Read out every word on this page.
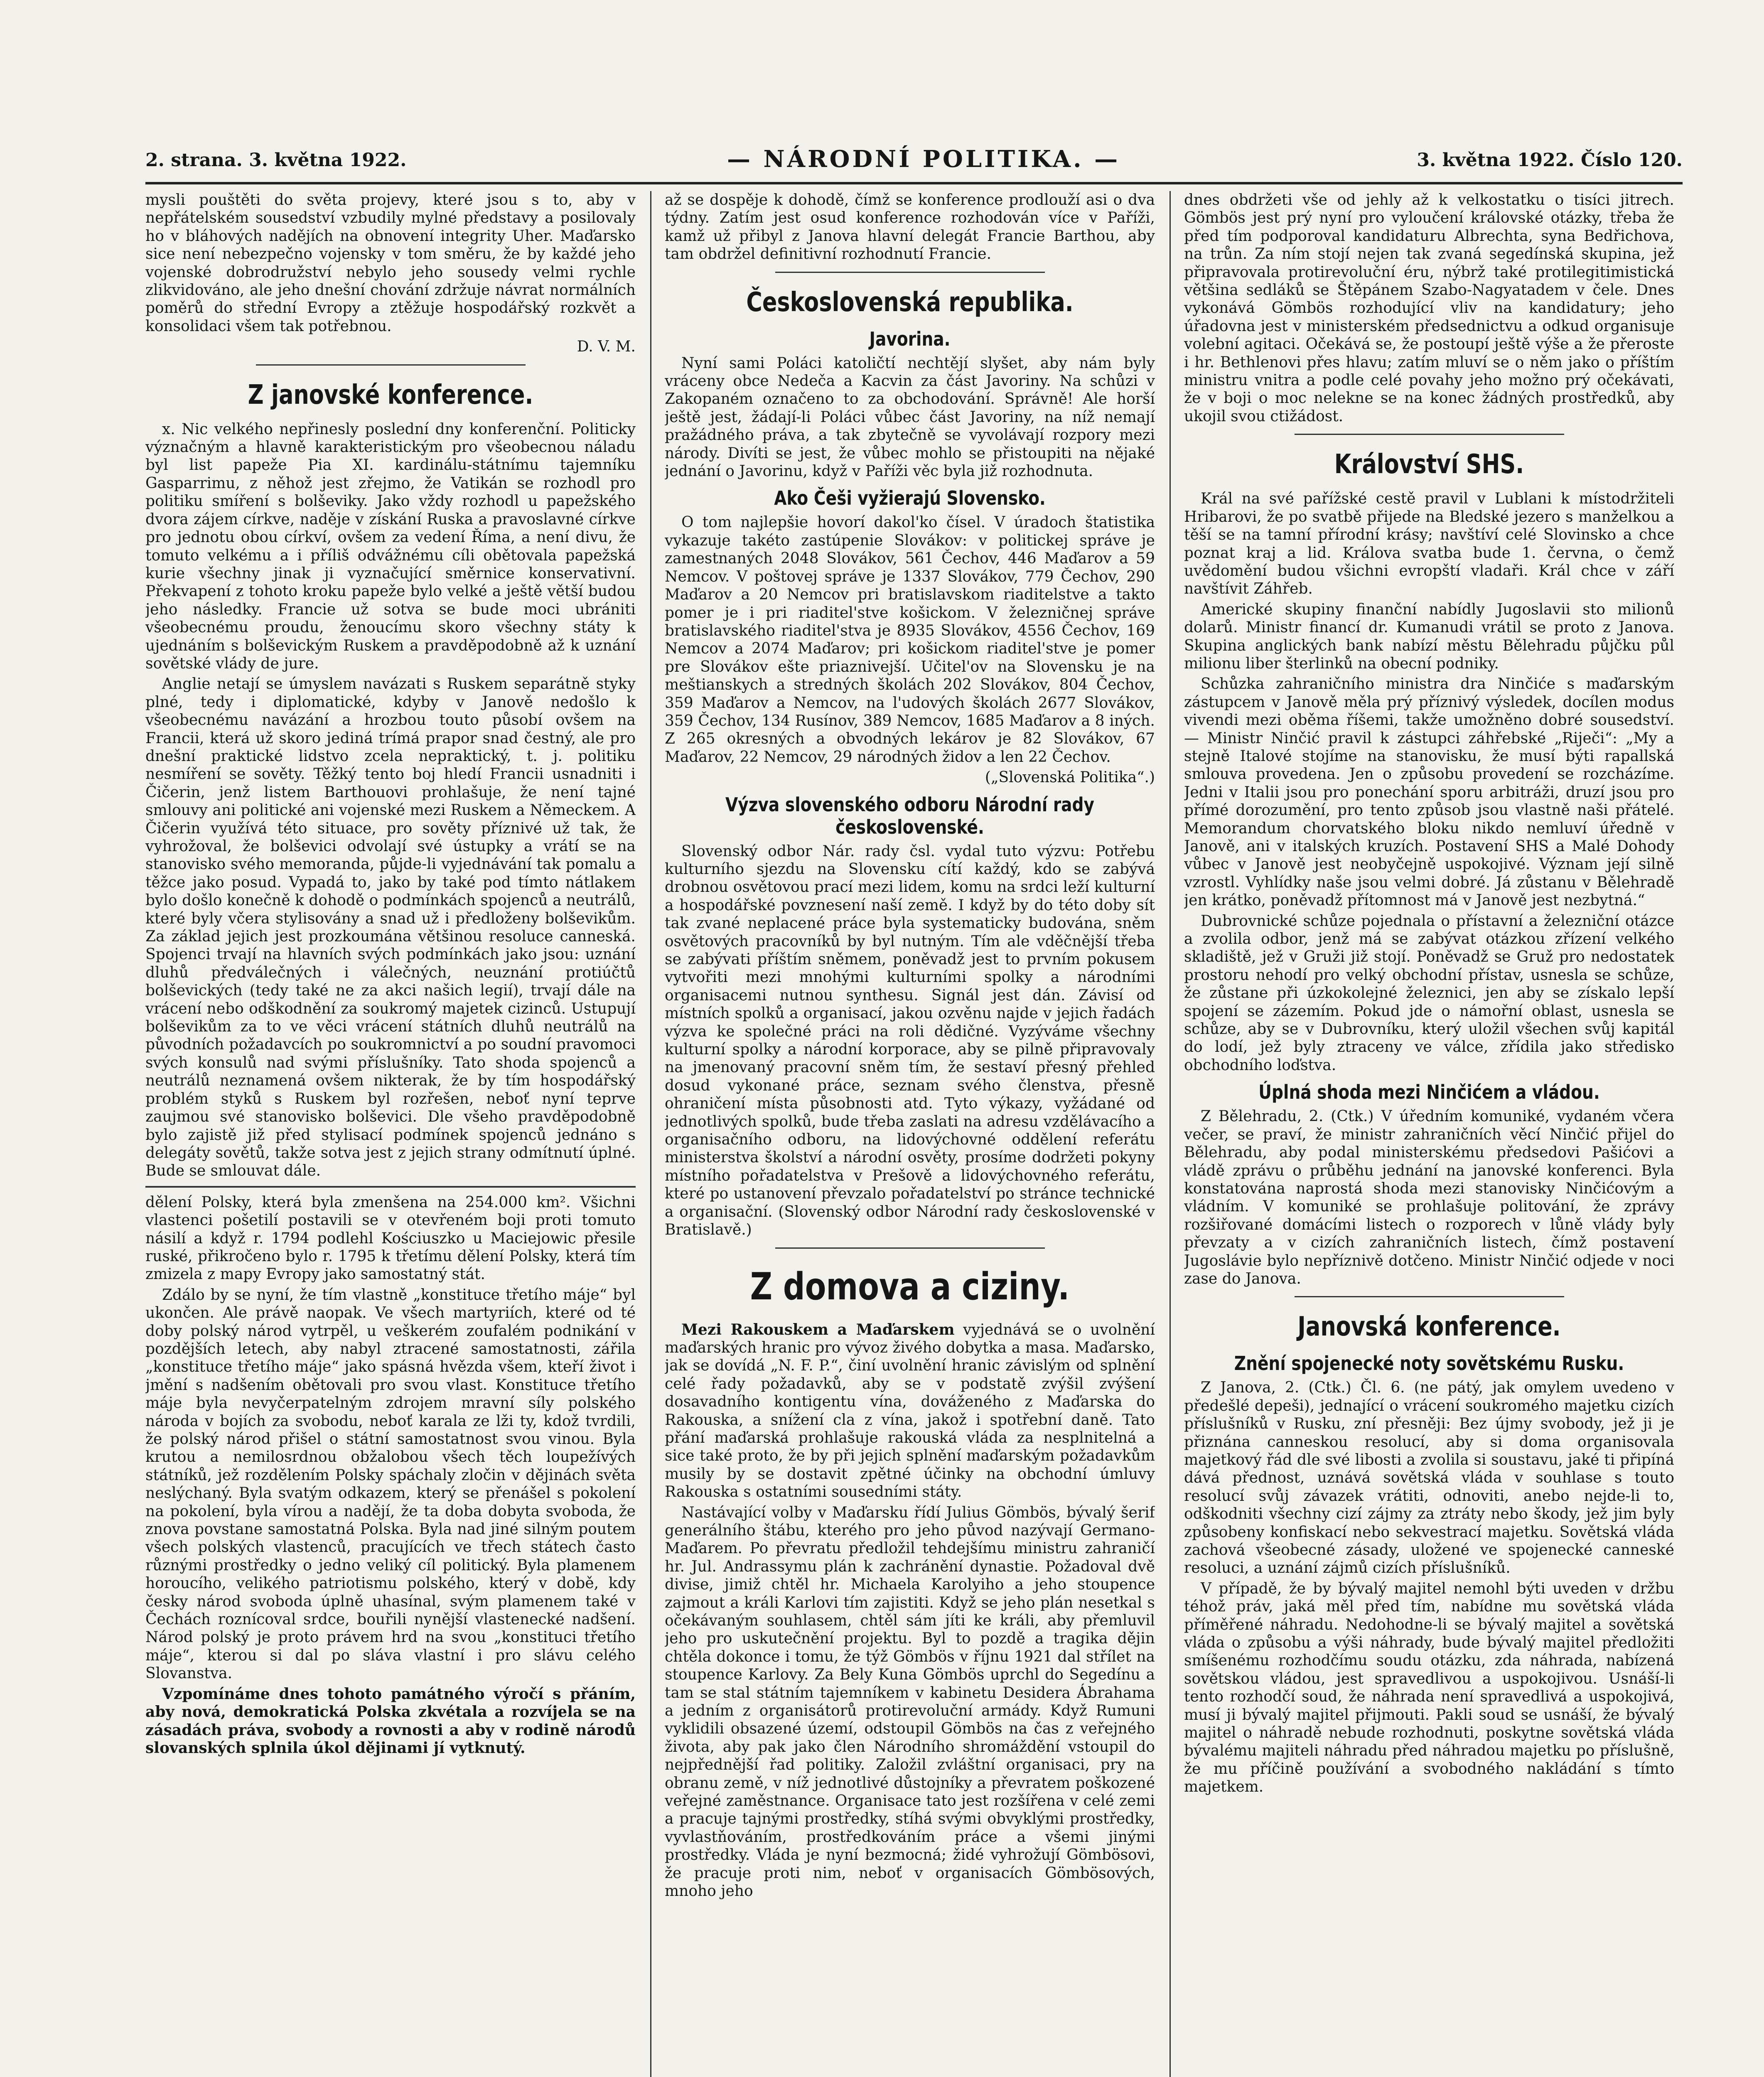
2. strana. 3. května 1922.	— NÁRODNÍ POLITIKA. —	3. května 1922. Číslo 120.

mysli pouštěti do světa projevy, které jsou s to, aby v nepřátelském sousedství vzbudily mylné představy a posilovaly ho v bláhových nadějích na obnovení integrity Uher. Maďarsko sice není nebezpečno vojensky v tom směru, že by každé jeho vojenské dobrodružství nebylo jeho sousedy velmi rychle zlikvidováno, ale jeho dnešní chování zdržuje návrat normálních poměrů do střední Evropy a ztěžuje hospodářský rozkvět a konsolidaci všem tak potřebnou.

D. V. M.
Z janovské konference.

x. Nic velkého nepřinesly poslední dny konferenční. Politicky význačným a hlavně karakteristickým pro všeobecnou náladu byl list papeže Pia XI. kardinálu-státnímu tajemníku Gasparrimu, z něhož jest zřejmo, že Vatikán se rozhodl pro politiku smíření s bolševiky. Jako vždy rozhodl u papežského dvora zájem církve, naděje v získání Ruska a pravoslavné církve pro jednotu obou církví, ovšem za vedení Říma, a není divu, že tomuto velkému a i příliš odvážnému cíli obětovala papežská kurie všechny jinak ji vyznačující směrnice konservativní. Překvapení z tohoto kroku papeže bylo velké a ještě větší budou jeho následky. Francie už sotva se bude moci ubrániti všeobecnému proudu, ženoucímu skoro všechny státy k ujednáním s bolševickým Ruskem a pravděpodobně až k uznání sovětské vlády de jure.

Anglie netají se úmyslem navázati s Ruskem separátně styky plné, tedy i diplomatické, kdyby v Janově nedošlo k všeobecnému navázání a hrozbou touto působí ovšem na Francii, která už skoro jediná trímá prapor snad čestný, ale pro dnešní praktické lidstvo zcela nepraktický, t. j. politiku nesmíření se sověty. Těžký tento boj hledí Francii usnadniti i Čičerin, jenž listem Barthouovi prohlašuje, že není tajné smlouvy ani politické ani vojenské mezi Ruskem a Německem. A Čičerin využívá této situace, pro sověty příznivé už tak, že vyhrožoval, že bolševici odvolají své ústupky a vrátí se na stanovisko svého memoranda, půjde-li vyjednávání tak pomalu a těžce jako posud. Vypadá to, jako by také pod tímto nátlakem bylo došlo konečně k dohodě o podmínkách spojenců a neutrálů, které byly včera stylisovány a snad už i předloženy bolševikům. Za základ jejich jest prozkoumána většinou resoluce canneská. Spojenci trvají na hlavních svých podmínkách jako jsou: uznání dluhů předválečných i válečných, neuznání protiúčtů bolševických (tedy také ne za akci našich legií), trvají dále na vrácení nebo odškodnění za soukromý majetek cizinců. Ustupují bolševikům za to ve věci vrácení státních dluhů neutrálů na původních požadavcích po soukromnictví a po soudní pravomoci svých konsulů nad svými příslušníky. Tato shoda spojenců a neutrálů neznamená ovšem nikterak, že by tím hospodářský problém styků s Ruskem byl rozřešen, neboť nyní teprve zaujmou své stanovisko bolševici. Dle všeho pravděpodobně bylo zajistě již před stylisací podmínek spojenců jednáno s delegáty sovětů, takže sotva jest z jejich strany odmítnutí úplné. Bude se smlouvat dále.

dělení Polsky, která byla zmenšena na 254.000 km². Všichni vlastenci pošetilí postavili se v otevřeném boji proti tomuto násilí a když r. 1794 podlehl Kościuszko u Maciejowic přesile ruské, přikročeno bylo r. 1795 k třetímu dělení Polsky, která tím zmizela z mapy Evropy jako samostatný stát.

Zdálo by se nyní, že tím vlastně „konstituce třetího máje“ byl ukončen. Ale právě naopak. Ve všech martyriích, které od té doby polský národ vytrpěl, u veškerém zoufalém podnikání v pozdějších letech, aby nabyl ztracené samostatnosti, zářila „konstituce třetího máje“ jako spásná hvězda všem, kteří život i jmění s nadšením obětovali pro svou vlast. Konstituce třetího máje byla nevyčerpatelným zdrojem mravní síly polského národa v bojích za svobodu, neboť karala ze lži ty, kdož tvrdili, že polský národ přišel o státní samostatnost svou vinou. Byla krutou a nemilosrdnou obžalobou všech těch loupežívých státníků, jež rozdělením Polsky spáchaly zločin v dějinách světa neslýchaný. Byla svatým odkazem, který se přenášel s pokolení na pokolení, byla vírou a nadějí, že ta doba dobyta svoboda, že znova povstane samostatná Polska. Byla nad jiné silným poutem všech polských vlastenců, pracujících ve třech státech často různými prostředky o jedno veliký cíl politický. Byla plamenem horoucího, velikého patriotismu polského, který v době, kdy česky národ svoboda úplně uhasínal, svým plamenem také v Čechách roznícoval srdce, bouřili nynější vlastenecké nadšení. Národ polský je proto právem hrd na svou „konstituci třetího máje“, kterou si dal po sláva vlastní i pro slávu celého Slovanstva.

Vzpomínáme dnes tohoto památného výročí s přáním, aby nová, demokratická Polska zkvétala a rozvíjela se na zásadách práva, svobody a rovnosti a aby v rodině národů slovanských splnila úkol dějinami jí vytknutý.

až se dospěje k dohodě, čímž se konference prodlouží asi o dva týdny. Zatím jest osud konference rozhodován více v Paříži, kamž už přibyl z Janova hlavní delegát Francie Barthou, aby tam obdržel definitivní rozhodnutí Francie.

Československá republika.
Javorina.

Nyní sami Poláci katoličtí nechtějí slyšet, aby nám byly vráceny obce Nedeča a Kacvin za část Javoriny. Na schůzi v Zakopaném označeno to za obchodování. Správně! Ale horší ještě jest, žádají-li Poláci vůbec část Javoriny, na níž nemají pražádného práva, a tak zbytečně se vyvolávají rozpory mezi národy. Divíti se jest, že vůbec mohlo se přistoupiti na nějaké jednání o Javorinu, když v Paříži věc byla již rozhodnuta.

Ako Češi vyžierajú Slovensko.

O tom najlepšie hovorí dakol'ko čísel. V úradoch štatistika vykazuje takéto zastúpenie Slovákov: v politickej správe je zamestnaných 2048 Slovákov, 561 Čechov, 446 Maďarov a 59 Nemcov. V poštovej správe je 1337 Slovákov, 779 Čechov, 290 Maďarov a 20 Nemcov pri bratislavskom riaditelstve a takto pomer je i pri riaditel'stve košickom. V železničnej správe bratislavského riaditel'stva je 8935 Slovákov, 4556 Čechov, 169 Nemcov a 2074 Maďarov; pri košickom riaditel'stve je pomer pre Slovákov ešte priaznivejší. Učitel'ov na Slovensku je na meštianskych a stredných školách 202 Slovákov, 804 Čechov, 359 Maďarov a Nemcov, na l'udových školách 2677 Slovákov, 359 Čechov, 134 Rusínov, 389 Nemcov, 1685 Maďarov a 8 iných. Z 265 okresných a obvodných lekárov je 82 Slovákov, 67 Maďarov, 22 Nemcov, 29 národných židov a len 22 Čechov.

(„Slovenská Politika“.)
Výzva slovenského odboru Národní rady československé.

Slovenský odbor Nár. rady čsl. vydal tuto výzvu: Potřebu kulturního sjezdu na Slovensku cítí každý, kdo se zabývá drobnou osvětovou prací mezi lidem, komu na srdci leží kulturní a hospodářské povznesení naší země. I když by do této doby sít tak zvané neplacené práce byla systematicky budována, sněm osvětových pracovníků by byl nutným. Tím ale vděčnější třeba se zabývati příštím sněmem, poněvadž jest to prvním pokusem vytvořiti mezi mnohými kulturními spolky a národními organisacemi nutnou synthesu. Signál jest dán. Závisí od místních spolků a organisací, jakou ozvěnu najde v jejich řadách výzva ke společné práci na roli dědičné. Vyzýváme všechny kulturní spolky a národní korporace, aby se pilně připravovaly na jmenovaný pracovní sněm tím, že sestaví přesný přehled dosud vykonané práce, seznam svého členstva, přesně ohraničení místa působnosti atd. Tyto výkazy, vyžádané od jednotlivých spolků, bude třeba zaslati na adresu vzdělávacího a organisačního odboru, na lidovýchovné oddělení referátu ministerstva školství a národní osvěty, prosíme dodržeti pokyny místního pořadatelstva v Prešově a lidovýchovného referátu, které po ustanovení převzalo pořadatelství po stránce technické a organisační. (Slovenský odbor Národní rady československé v Bratislavě.)

Z domova a ciziny.

Mezi Rakouskem a Maďarskem vyjednává se o uvolnění maďarských hranic pro vývoz živého dobytka a masa. Maďarsko, jak se dovídá „N. F. P.“, činí uvolnění hranic závislým od splnění celé řady požadavků, aby se v podstatě zvýšil zvýšení dosavadního kontigentu vína, dováženého z Maďarska do Rakouska, a snížení cla z vína, jakož i spotřební daně. Tato přání maďarská prohlašuje rakouská vláda za nesplnitelná a sice také proto, že by při jejich splnění maďarským požadavkům musily by se dostavit zpětné účinky na obchodní úmluvy Rakouska s ostatními sousedními státy.

Nastávající volby v Maďarsku řídí Julius Gömbös, bývalý šerif generálního štábu, kterého pro jeho původ nazývají Germano-Maďarem. Po převratu předložil tehdejšímu ministru zahraničí hr. Jul. Andrassymu plán k zachránění dynastie. Požadoval dvě divise, jimiž chtěl hr. Michaela Karolyiho a jeho stoupence zajmout a králi Karlovi tím zajistiti. Když se jeho plán nesetkal s očekávaným souhlasem, chtěl sám jíti ke králi, aby přemluvil jeho pro uskutečnění projektu. Byl to pozdě a tragika dějin chtěla dokonce i tomu, že týž Gömbös v říjnu 1921 dal střílet na stoupence Karlovy. Za Bely Kuna Gömbös uprchl do Segedínu a tam se stal státním tajemníkem v kabinetu Desidera Ábrahama a jedním z organisátorů protirevoluční armády. Když Rumuni vyklidili obsazené území, odstoupil Gömbös na čas z veřejného života, aby pak jako člen Národního shromáždění vstoupil do nejpřednější řad politiky. Založil zvláštní organisaci, pry na obranu země, v níž jednotlivé důstojníky a převratem poškozené veřejné zaměstnance. Organisace tato jest rozšířena v celé zemi a pracuje tajnými prostředky, stíhá svými obvyklými prostředky, vyvlastňováním, prostředkováním práce a všemi jinými prostředky. Vláda je nyní bezmocná; židé vyhrožují Gömbösovi, že pracuje proti nim, neboť v organisacích Gömbösových, mnoho jeho

dnes obdržeti vše od jehly až k velkostatku o tisíci jitrech. Gömbös jest prý nyní pro vyloučení královské otázky, třeba že před tím podporoval kandidaturu Albrechta, syna Bedřichova, na trůn. Za ním stojí nejen tak zvaná segedínská skupina, jež připravovala protirevoluční éru, nýbrž také protilegitimistická většina sedláků se Štěpánem Szabo-Nagyatadem v čele. Dnes vykonává Gömbös rozhodující vliv na kandidatury; jeho úřadovna jest v ministerském předsednictvu a odkud organisuje volební agitaci. Očekává se, že postoupí ještě výše a že přeroste i hr. Bethlenovi přes hlavu; zatím mluví se o něm jako o příštím ministru vnitra a podle celé povahy jeho možno prý očekávati, že v boji o moc nelekne se na konec žádných prostředků, aby ukojil svou ctižádost.

Království SHS.

Král na své pařížské cestě pravil v Lublani k místodržiteli Hribarovi, že po svatbě přijede na Bledské jezero s manželkou a těší se na tamní přírodní krásy; navštíví celé Slovinsko a chce poznat kraj a lid. Králova svatba bude 1. června, o čemž uvědomění budou všichni evropští vladaři. Král chce v září navštívit Záhřeb.

Americké skupiny finanční nabídly Jugoslavii sto milionů dolarů. Ministr financí dr. Kumanudi vrátil se proto z Janova. Skupina anglických bank nabízí městu Bělehradu půjčku půl milionu liber šterlinků na obecní podniky.

Schůzka zahraničního ministra dra Ninčiće s maďarským zástupcem v Janově měla prý příznivý výsledek, docílen modus vivendi mezi oběma říšemi, takže umožněno dobré sousedství. — Ministr Ninčić pravil k zástupci záhřebské „Riječi“: „My a stejně Italové stojíme na stanovisku, že musí býti rapallská smlouva provedena. Jen o způsobu provedení se rozcházíme. Jedni v Italii jsou pro ponechání sporu arbitráži, druzí jsou pro přímé dorozumění, pro tento způsob jsou vlastně naši přátelé. Memorandum chorvatského bloku nikdo nemluví úředně v Janově, ani v italských kruzích. Postavení SHS a Malé Dohody vůbec v Janově jest neobyčejně uspokojivé. Význam její silně vzrostl. Vyhlídky naše jsou velmi dobré. Já zůstanu v Bělehradě jen krátko, poněvadž přítomnost má v Janově jest nezbytná.“

Dubrovnické schůze pojednala o přístavní a železniční otázce a zvolila odbor, jenž má se zabývat otázkou zřízení velkého skladiště, jež v Gruži již stojí. Poněvadž se Gruž pro nedostatek prostoru nehodí pro velký obchodní přístav, usnesla se schůze, že zůstane při úzkokolejné železnici, jen aby se získalo lepší spojení se zázemím. Pokud jde o námořní oblast, usnesla se schůze, aby se v Dubrovníku, který uložil všechen svůj kapitál do lodí, jež byly ztraceny ve válce, zřídila jako středisko obchodního loďstva.

Úplná shoda mezi Ninčićem a vládou.

Z Bělehradu, 2. (Ctk.) V úředním komuniké, vydaném včera večer, se praví, že ministr zahraničních věcí Ninčić přijel do Bělehradu, aby podal ministerskému předsedovi Pašićovi a vládě zprávu o průběhu jednání na janovské konferenci. Byla konstatována naprostá shoda mezi stanovisky Ninčićovým a vládním. V komuniké se prohlašuje politování, že zprávy rozšiřované domácími listech o rozporech v lůně vlády byly převzaty a v cizích zahraničních listech, čímž postavení Jugoslávie bylo nepříznivě dotčeno. Ministr Ninčić odjede v noci zase do Janova.

Janovská konference.
Znění spojenecké noty sovětskému Rusku.

Z Janova, 2. (Ctk.) Čl. 6. (ne pátý, jak omylem uvedeno v předešlé depeši), jednající o vrácení soukromého majetku cizích příslušníků v Rusku, zní přesněji: Bez újmy svobody, jež ji je přiznána canneskou resolucí, aby si doma organisovala majetkový řád dle své libosti a zvolila si soustavu, jaké ti připíná dává přednost, uznává sovětská vláda v souhlase s touto resolucí svůj závazek vrátiti, odnoviti, anebo nejde-li to, odškodniti všechny cizí zájmy za ztráty nebo škody, jež jim byly způsobeny konfiskací nebo sekvestrací majetku. Sovětská vláda zachová všeobecné zásady, uložené ve spojenecké canneské resoluci, a uznání zájmů cizích příslušníků.

V případě, že by bývalý majitel nemohl býti uveden v držbu téhož práv, jaká měl před tím, nabídne mu sovětská vláda příměřené náhradu. Nedohodne-li se bývalý majitel a sovětská vláda o způsobu a výši náhrady, bude bývalý majitel předložiti smíšenému rozhodčímu soudu otázku, zda náhrada, nabízená sovětskou vládou, jest spravedlivou a uspokojivou. Usnáší-li tento rozhodčí soud, že náhrada není spravedlivá a uspokojivá, musí ji bývalý majitel přijmouti. Pakli soud se usnáší, že bývalý majitel o náhradě nebude rozhodnuti, poskytne sovětská vláda bývalému majiteli náhradu před náhradou majetku po příslušně, že mu příčině používání a svobodného nakládání s tímto majetkem.
